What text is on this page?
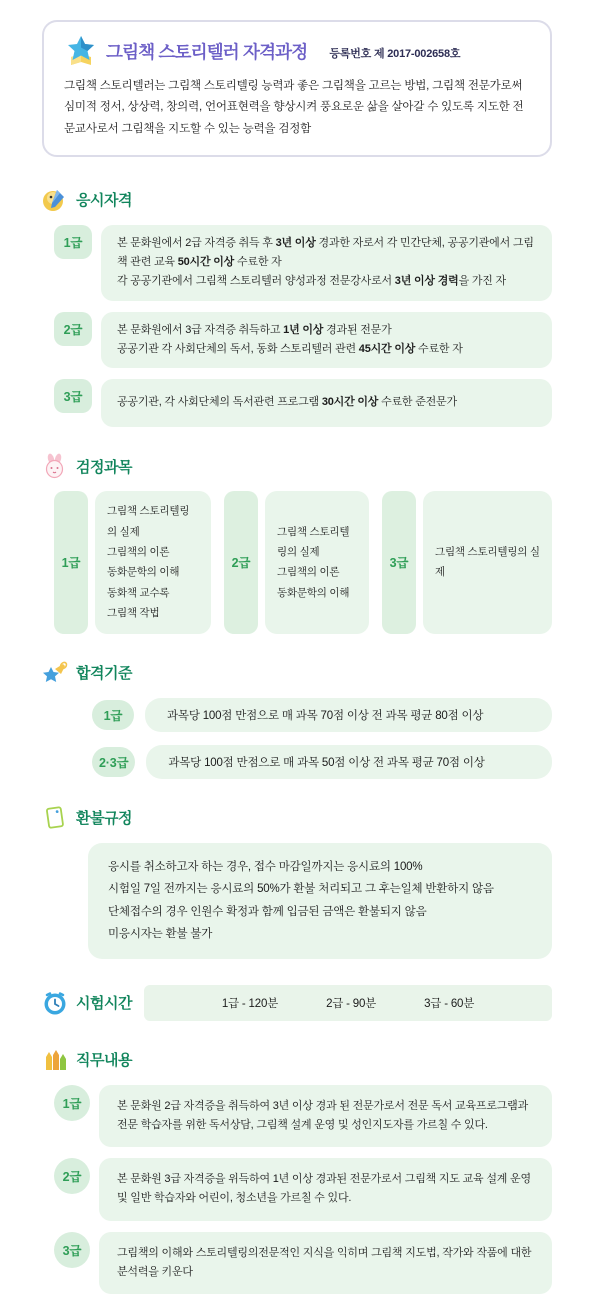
그림책 스토리텔러 자격과정 등록번호 제 2017-002658호
그림책 스토리텔러는 그림책 스토리텔링 능력과 좋은 그림책을 고르는 방법, 그림책 전문가로써 심미적 정서, 상상력, 창의력, 언어표현력을 향상시켜 풍요로운 삶을 살아갈 수 있도록 지도한 전문교사로서 그림책을 지도할 수 있는 능력을 검정함
응시자격
1급	본 문화원에서 2급 자격증 취득 후 3년 이상 경과한 자로서 각 민간단체, 공공기관에서 그림책 관련 교육 50시간 이상 수료한 자
각 공공기관에서 그림책 스토리텔러 양성과정 전문강사로서 3년 이상 경력을 가진 자
2급	본 문화원에서 3급 자격증 취득하고 1년 이상 경과된 전문가
공공기관 각 사회단체의 독서, 동화 스토리텔러 관련 45시간 이상 수료한 자
3급	공공기관, 각 사회단체의 독서관련 프로그램 30시간 이상 수료한 준전문가
검정과목
1급
그림책 스토리텔링의 실제
그림책의 이론
동화문학의 이해
동화책 교수록
그림책 작법
2급
그림책 스토리텔링의 실제
그림책의 이론
동화문학의 이해
3급
그림책 스토리텔링의 실제
합격기준
1급	과목당 100점 만점으로 매 과목 70점 이상 전 과목 평균 80점 이상
2·3급	과목당 100점 만점으로 매 과목 50점 이상 전 과목 평균 70점 이상
환불규정
응시를 취소하고자 하는 경우, 접수 마감일까지는 응시료의 100%
시험일 7일 전까지는 응시료의 50%가 환불 처리되고 그 후는일체 반환하지 않음
단체접수의 경우 인원수 확정과 함께 입금된 금액은 환불되지 않음
미응시자는 환불 불가
시험시간	1급 - 120분	2급 - 90분	3급 - 60분
직무내용
1급	본 문화원 2급 자격증을 취득하여 3년 이상 경과 된 전문가로서 전문 독서 교육프로그램과 전문 학습자를 위한 독서상담, 그림책 설계 운영 및 성인지도자를 가르칠 수 있다.
2급	본 문화원 3급 자격증을 위득하여 1년 이상 경과된 전문가로서 그림책 지도 교육 설계 운영 및 일반 학습자와 어린이, 청소년을 가르칠 수 있다.
3급	그림책의 이해와 스토리텔링의전문적인 지식을 익히며 그림책 지도법, 작가와 작품에 대한 분석력을 키운다
